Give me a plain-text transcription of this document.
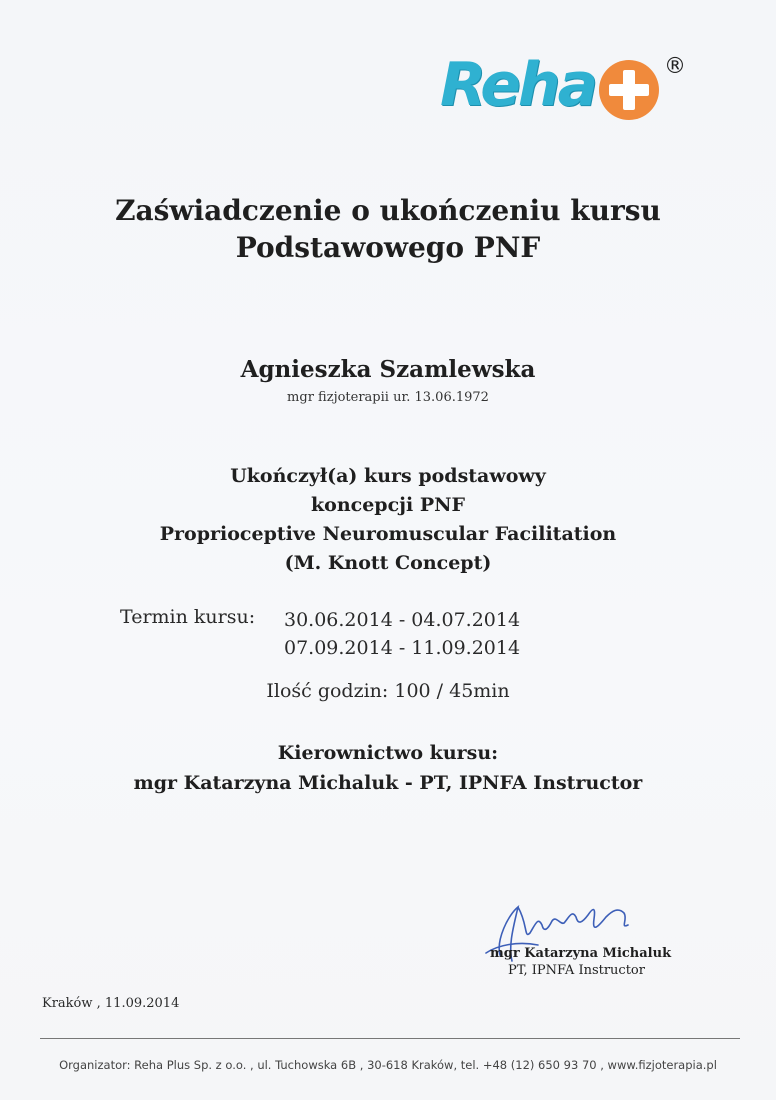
Reha	®
Zaświadczenie o ukończeniu kursu
Podstawowego PNF
Agnieszka Szamlewska
mgr fizjoterapii ur. 13.06.1972
Ukończył(a) kurs podstawowy
koncepcji PNF
Proprioceptive Neuromuscular Facilitation
(M. Knott Concept)
Termin kursu: 30.06.2014 - 04.07.2014
07.09.2014 - 11.09.2014
Ilość godzin: 100 / 45min
Kierownictwo kursu:
mgr Katarzyna Michaluk - PT, IPNFA Instructor
mgr Katarzyna Michaluk
PT, IPNFA Instructor
Kraków , 11.09.2014
Organizator: Reha Plus Sp. z o.o. , ul. Tuchowska 6B , 30-618 Kraków, tel. +48 (12) 650 93 70 , www.fizjoterapia.pl
